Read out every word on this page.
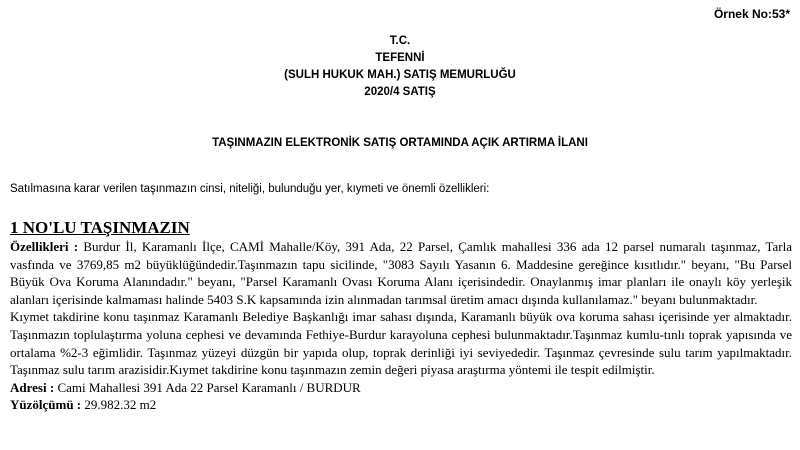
Örnek No:53*
T.C.
TEFENNİ
(SULH HUKUK MAH.) SATIŞ MEMURLUĞU
2020/4 SATIŞ
TAŞINMAZIN ELEKTRONİK SATIŞ ORTAMINDA AÇIK ARTIRMA İLANI
Satılmasına karar verilen taşınmazın cinsi, niteliği, bulunduğu yer, kıymeti ve önemli özellikleri:
1 NO'LU TAŞINMAZIN

Özellikleri : Burdur İl, Karamanlı İlçe, CAMİ Mahalle/Köy, 391 Ada, 22 Parsel, Çamlık mahallesi 336 ada 12 parsel numaralı taşınmaz, Tarla vasfında ve 3769,85 m2 büyüklüğündedir.Taşınmazın tapu sicilinde, "3083 Sayılı Yasanın 6. Maddesine gereğince kısıtlıdır." beyanı, "Bu Parsel Büyük Ova Koruma Alanındadır." beyanı, "Parsel Karamanlı Ovası Koruma Alanı içerisindedir. Onaylanmış imar planları ile onaylı köy yerleşik alanları içerisinde kalmaması halinde 5403 S.K kapsamında izin alınmadan tarımsal üretim amacı dışında kullanılamaz." beyanı bulunmaktadır.

Kıymet takdirine konu taşınmaz Karamanlı Belediye Başkanlığı imar sahası dışında, Karamanlı büyük ova koruma sahası içerisinde yer almaktadır. Taşınmazın toplulaştırma yoluna cephesi ve devamında Fethiye-Burdur karayoluna cephesi bulunmaktadır.Taşınmaz kumlu-tınlı toprak yapısında ve ortalama %2-3 eğimlidir. Taşınmaz yüzeyi düzgün bir yapıda olup, toprak derinliği iyi seviyededir. Taşınmaz çevresinde sulu tarım yapılmaktadır. Taşınmaz sulu tarım arazisidir.Kıymet takdirine konu taşınmazın zemin değeri piyasa araştırma yöntemi ile tespit edilmiştir.

Adresi : Cami Mahallesi 391 Ada 22 Parsel Karamanlı / BURDUR

Yüzölçümü : 29.982.32 m2
